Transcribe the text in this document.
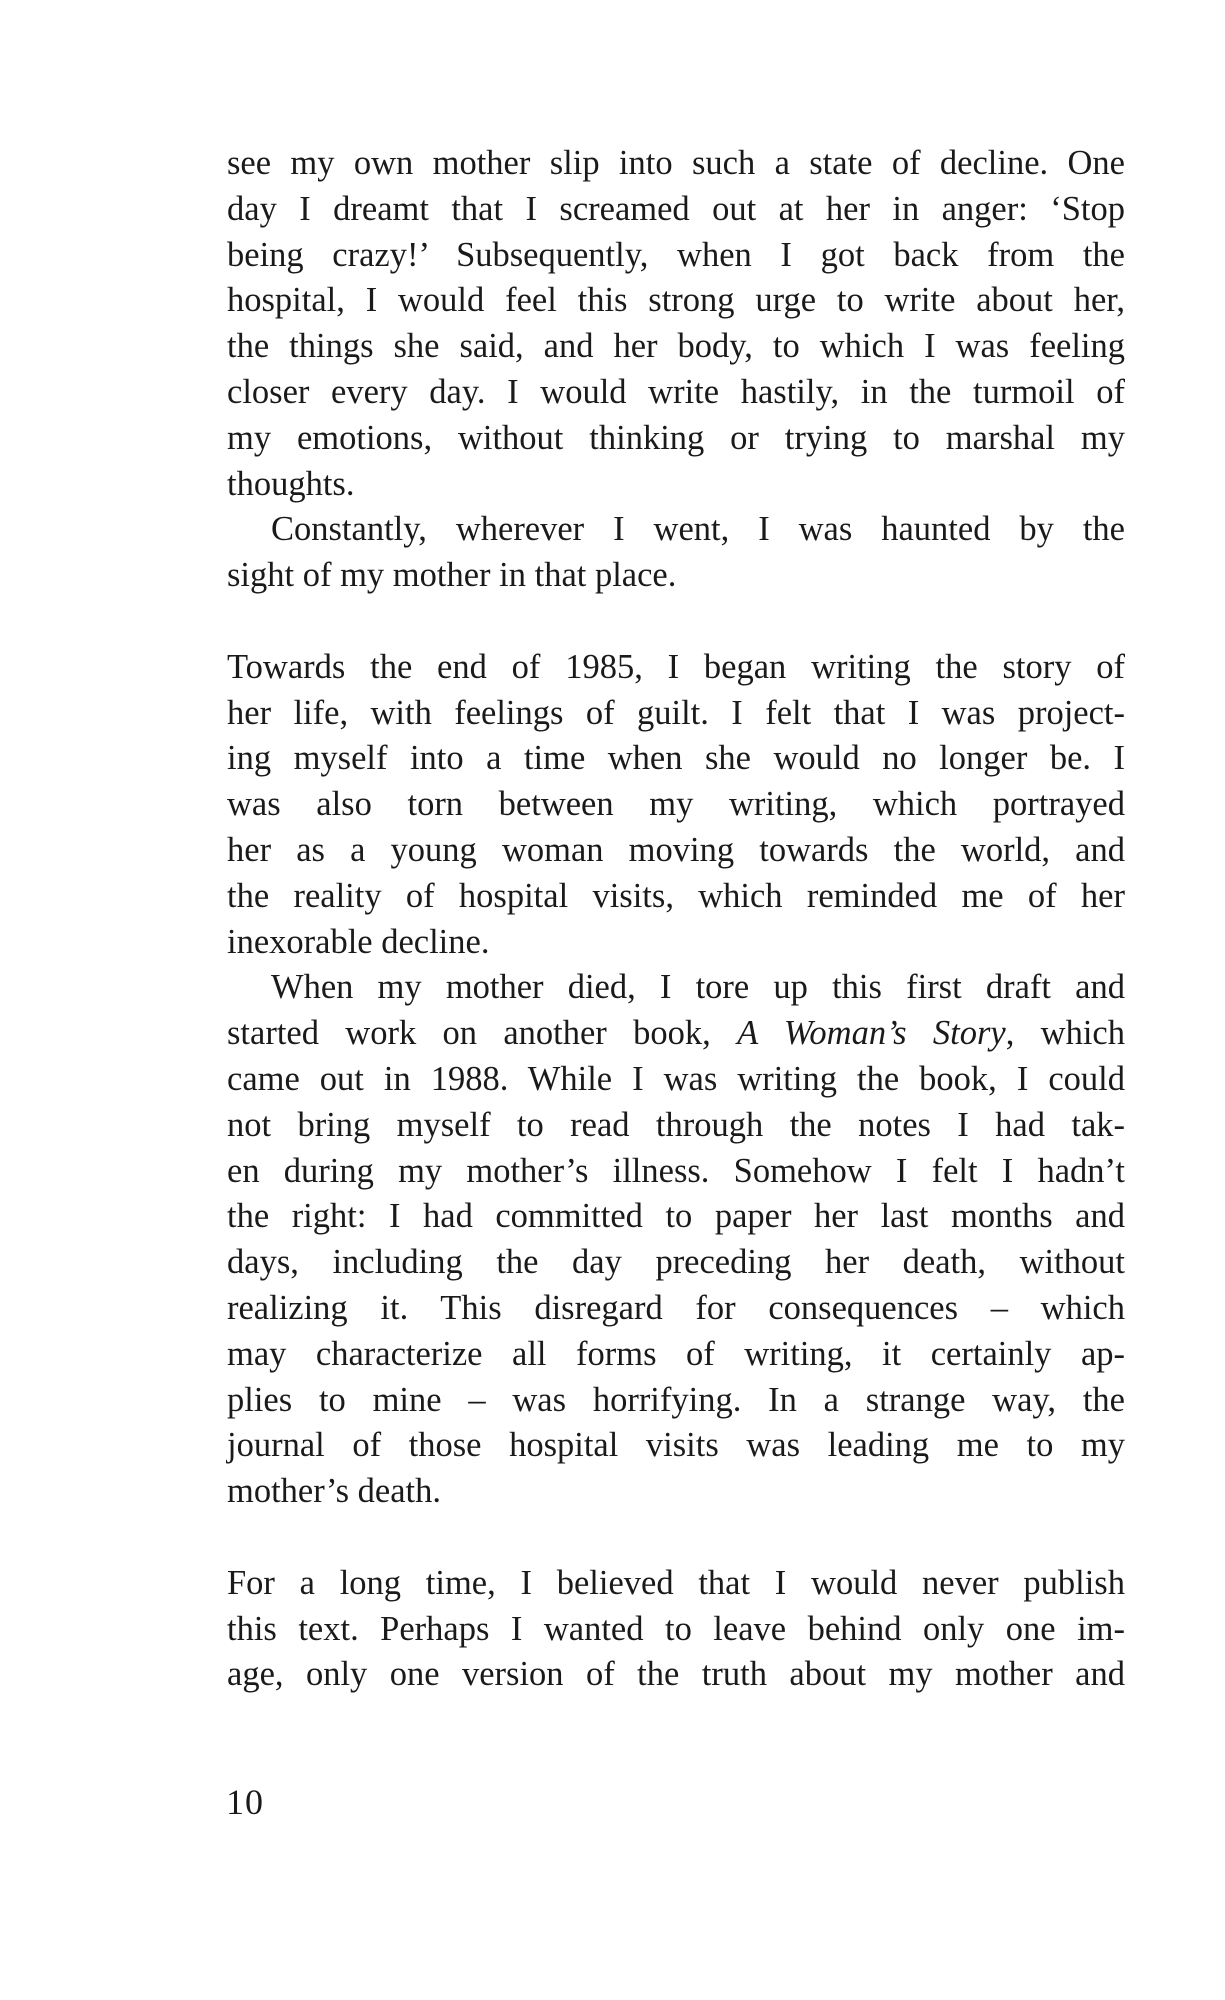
see my own mother slip into such a state of decline. One
day I dreamt that I screamed out at her in anger: ‘Stop
being crazy!’ Subsequently, when I got back from the
hospital, I would feel this strong urge to write about her,
the things she said, and her body, to which I was feeling
closer every day. I would write hastily, in the turmoil of
my emotions, without thinking or trying to marshal my
thoughts.
Constantly, wherever I went, I was haunted by the
sight of my mother in that place.
Towards the end of 1985, I began writing the story of
her life, with feelings of guilt. I felt that I was project-
ing myself into a time when she would no longer be. I
was also torn between my writing, which portrayed
her as a young woman moving towards the world, and
the reality of hospital visits, which reminded me of her
inexorable decline.
When my mother died, I tore up this first draft and
started work on another book, A Woman’s Story, which
came out in 1988. While I was writing the book, I could
not bring myself to read through the notes I had tak-
en during my mother’s illness. Somehow I felt I hadn’t
the right: I had committed to paper her last months and
days, including the day preceding her death, without
realizing it. This disregard for consequences – which
may characterize all forms of writing, it certainly ap-
plies to mine – was horrifying. In a strange way, the
journal of those hospital visits was leading me to my
mother’s death.
For a long time, I believed that I would never publish
this text. Perhaps I wanted to leave behind only one im-
age, only one version of the truth about my mother and
10
